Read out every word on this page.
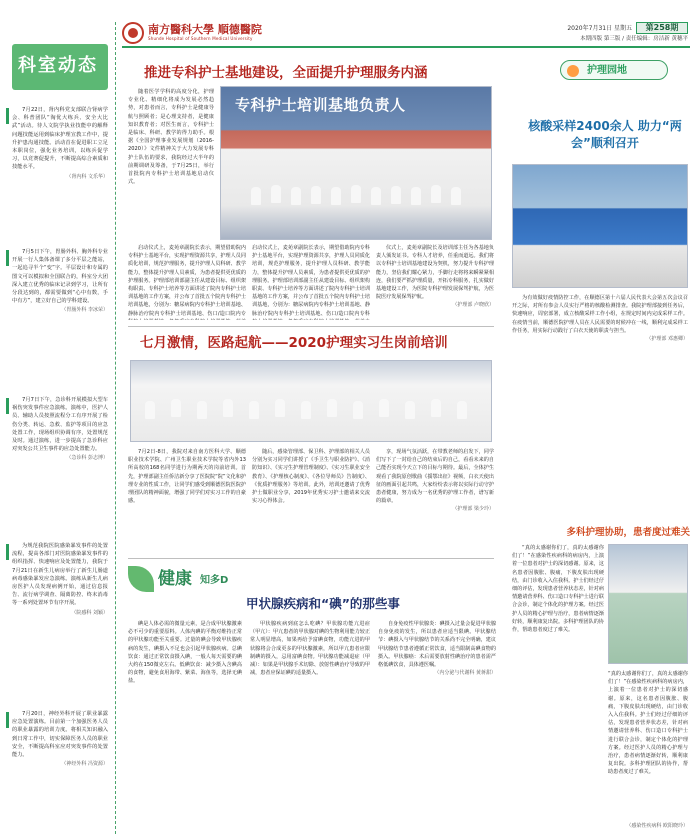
南方醫科大學 順德醫院
Shunde Hospital of Southern Medical University
2020年7月31日 星期五
本期四版 第三版 / 责任编辑：房洁新 黄穗平
第258期
科室动态

7月22日，肾内科党支部联合肾病学会、科普团队“淘优大练兵、安全大比武”活动。待人文院学执业技能中的解释问题技能运用到临床护理宣教工作中，提升护患沟通技能。活动首在促进职工立足本职岗位，强化业务培训，以练兵促学习，以竞赛促提升，不断提高综合素质和技能水平。

（肾内科 文乐华）

7月5日下午，胃肠外科、胸外科专业开展一行人集体备课了多分平层之能站，一起追寻半个“变”字。平层设计和专属的图文可以模拟和全国联合的，科室分大团深入建立优秀的临床记录到学习，让所有分段达到的，都需要做到“心中有数，手中有方”，建立好自己的学科建设。

（胃肠外科 李冰荣）

7月7日下午，急诊科开展模拟大型车祸伤突发事件应急演练。演练中，医护人员、辅助人员按照流程分工有序开展了检伤分类、转运、急救、监护等项目的应急处置工作，现场组织协调有序，处置规范及时。通过演练，进一步提高了急诊科应对突发公共卫生事件的应急处置能力。

（急诊科 彭志博）

为规范我院医院感染暴发事件的处置流程，提高各部门对医院感染暴发事件的组织指挥、快速响应及处置能力，我院于7月21日在新生儿病房举行了新生儿肠道病毒感染暴发应急演练。演练从新生儿病房医护人员发现病例开始，通过信息报告、流行病学调查、隔离防控、终末消毒等一系列处置环节有序开展。

（院感科 刘颖）

7月20日，神经外科开展了职业暴露应急处置演练。目前第一个加强医务人员的职业暴露的培训力度。将相关知识融入到日常工作中，切实保障医务人员的职业安全，不断提高科室应对突发事件的处置能力。

（神经外科 冯资源）
推进专科护士基地建设，全面提升护理服务内涵

随着医学学科的高度分化，护理专业化、精细化将成为发展必然趋势，对患者而言，专科护士是健康导航与照顾者；是心理支持者，是健康知识教育者；对医生而言，专科护士是临床、科研、教学的得力助手。根据《全国护理事业发展规划（2016-2020）》文件精神关于大力发展专科护士队伍的要求，我院经过大半年的前期调研及筹备，于7月25日，举行首批院内专科护士培训基地启动仪式。

专科护士培训基地负责人

启动仪式上，麦苑章副院长表示，期望借助院内专科护士基地平台，实现护理资源共享，护理人员同质化培训，规范护理服务，提升护理人员科研、教学能力，整体提升护理人员素质，为患者提供更优质的护理服务。护理部培训部副主任从建设目标、组织架构职责、专科护士培养等方面讲述了院内专科护士培训基地的工作方案，并公布了首批五个院内专科护士培训基地，分别为：糖尿病院内专科护士培训基地、静脉治疗院内专科护士培训基地、伤口/造口院内专

启动仪式上，麦苑章副院长表示，期望借助院内专科护士基地平台，实现护理资源共享，护理人员同质化培训，规范护理服务，提升护理人员科研、教学能力，整体提升护理人员素质，为患者提供更优质的护理服务。护理部培训部副主任从建设目标、组织架构职责、专科护士培养等方面讲述了院内专科护士培训基地的工作方案，并公布了首批五个院内专科护士培训基地，分别为：糖尿病院内专科护士培训基地、静脉治疗院内专科护士培训基地、伤口/造口院内专科

仪式上，麦苑章副院长及培训部主任为各基地负责人颁发证书。专科人才培养，任重而道远。我们将以专科护士培训基地建设为契机，努力提升专科护理能力，坚信我们耀心紧力，手脚行走将将来瞬紧紧相连，我们要严抓护理质量，开拓专科服务，扎实做好基地建设工作，为医院专科护理发展保驾护航，为医院医疗发展保驾护航。

（护理部 卢晓欣）
七月激情，医路起航——2020护理实习生岗前培训

7月2日-8日，我院对来自南方医科大学、顺德职业技术学院、广州卫生职业技术学院等省内外13所高校的168名同学进行为期两天的岗前培训。首先，护理部副主任侨洁新分享了医院院“院”文化和护理专业的性质工作，让同学们感受到顺德医院医院护理团队的精神面貌，增强了同学们对实习工作的自豪感。

随后，感染管理部、保卫科、护理部的相关人员分别为实习同学们讲授了《手卫生与职业防护》、《消防知识》、《实习生护理管理制度》、《实习生职业安全教育》、《护理核心制度》、《各位导师员》告制度》、《优质护理服务》等培训。此外，培训还邀请了优秀护士做职业分享，2019年优秀实习护士邀请来交流实习心得体会。

享，现场气氛活跃，在带教老师的启发下，同学们写下了一封给自己的结束后的自己，看看未来的自己能否实现今天立下的目标与期待。最后，全体护生观看了我院原创歌曲《援鄂出征》视频，白衣天使出征的画面引起共鸣，大家纷纷表示将以实际行动守护患者健康，努力成为一名优秀的护理工作者，谱写新的篇章。

（护理部 梁少玲）
健康 知多D
甲状腺疾病和“碘”的那些事

碘是人体必需的微量元素，是合成甲状腺激素必不可少的重要原料。人体内碘的平衡对维持正常的甲状腺功能至关重要。过量的碘会导致甲状腺疾病的发生，碘摄入不足也会引起甲状腺疾病。总碘饮食：通过正常饮食摄入碘，一般人每天需要的碘大约在150微克左右。低碘饮食：减少摄入含碘高的食物，避免食用海带、紫菜、海鱼等，选择无碘盐。

甲状腺疾病到底怎么吃碘？甲状腺功能亢进症（甲亢）：甲亢患者的甲状腺对碘的生物利用能力较正常人明显增高，如果再给予富碘食物，功能亢进的甲状腺将会合成更多的甲状腺激素，所以甲亢患者应限制碘的摄入，忌用富碘食物。甲状腺功能减退症（甲减）：如果是甲状腺手术切除、放射性碘治疗导致的甲减，患者应保证碘的适量摄入。

自身免疫性甲状腺炎：碘摄入过量会促进甲状腺自身免疫的发生，所以患者应适当限碘。甲状腺结节：碘摄入与甲状腺结节的关系尚不完全明确，建议甲状腺结节患者遵循正常饮食，适当限制高碘食物的摄入。甲状腺癌：术后需要放射性碘治疗的患者需严格低碘饮食，具体遵医嘱。

（内分泌与代谢科 黄蒋甜）
护理园地
核酸采样2400余人 助力“两会”顺利召开

为有效做好疫情防控工作，在顺德区第十六届人民代表大会第五次会议召开之际，对所有参会人员实行严格的核酸检测排查。我院护理部接到任务后，快速响应，周密部署，成立核酸采样工作小组，在规定时间内完成采样工作。在疫情当前，顺德医院护理人员在人民需要的时候冲在一线，顺利完成采样工作任务，用实际行动践行了白衣天使的职责与担当。

（护理部 邓惠卿）
多科护理协助，患者度过难关

“真的太感谢你们了，真的太感谢你们了！”在感染性疾病科的病房内，上演着一位患者对护士的深切感谢。原来，这名患者因腹胀、腹痛，下腹皮肤出现硬结，由门诊收入入住我科。护士们经过仔细的评估，发现患者营养状态差，针对病情邀请营养科、伤口造口专科护士进行联合会诊，制定个体化的护理方案。经过医护人员的精心护理与治疗，患者病情逐渐好转，顺利康复出院。多科护理团队的协作，帮助患者度过了难关。

“真的太感谢你们了，真的太感谢你们了！”在感染性疾病科的病房内，上演着一位患者对护士的深切感谢。原来，这名患者因腹胀、腹痛，下腹皮肤出现硬结，由门诊收入入住我科。护士们经过仔细的评估，发现患者营养状态差，针对病情邀请营养科、伤口造口专科护士进行联合会诊，制定个体化的护理方案。经过医护人员的精心护理与治疗，患者病情逐渐好转，顺利康复出院。多科护理团队的协作，帮助患者度过了难关。

（感染性疾病科 欧阳晓玲）
